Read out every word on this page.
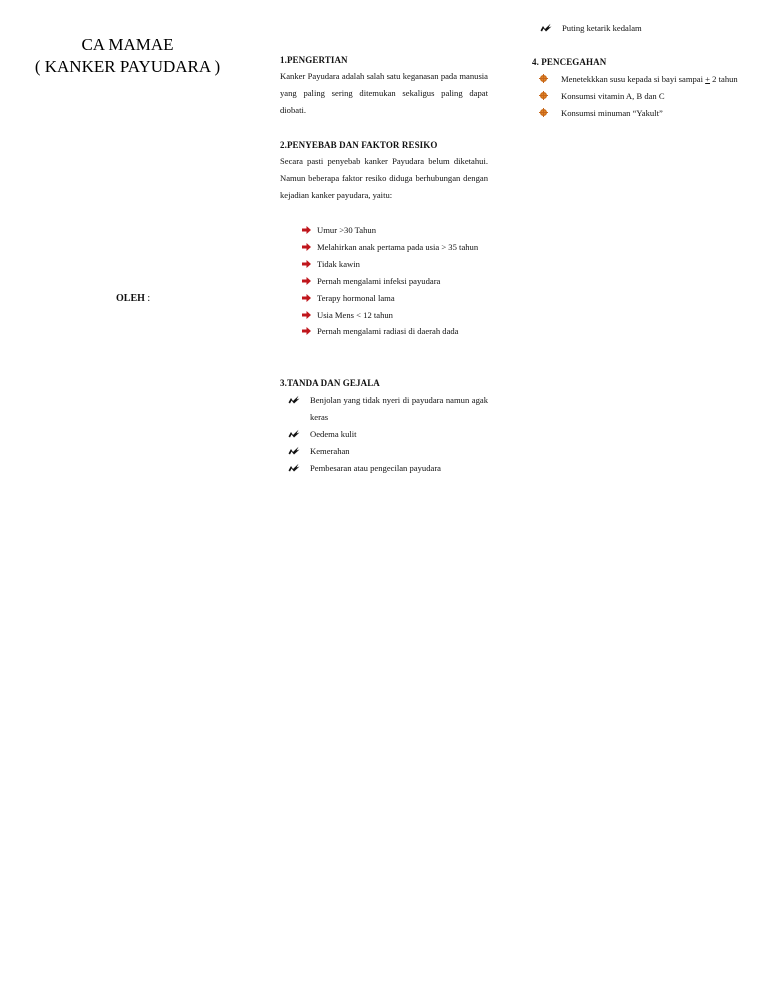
CA MAMAE
( KANKER PAYUDARA )
OLEH :
1.PENGERTIAN
Kanker Payudara adalah salah satu keganasan pada manusia yang paling sering ditemukan sekaligus paling dapat diobati.
2.PENYEBAB DAN FAKTOR RESIKO
Secara pasti penyebab kanker Payudara belum diketahui. Namun beberapa faktor resiko diduga berhubungan dengan kejadian kanker payudara, yaitu:
Umur >30 Tahun
Melahirkan anak pertama pada usia > 35 tahun
Tidak kawin
Pernah mengalami infeksi payudara
Terapy hormonal lama
Usia Mens < 12 tahun
Pernah mengalami radiasi di daerah dada
3.TANDA DAN GEJALA
Benjolan yang tidak nyeri di payudara namun agak keras
Oedema kulit
Kemerahan
Pembesaran atau pengecilan payudara
Puting ketarik kedalam
4. PENCEGAHAN
Menetekkkan susu kepada si bayi sampai + 2 tahun
Konsumsi vitamin A, B dan C
Konsumsi minuman “Yakult”
